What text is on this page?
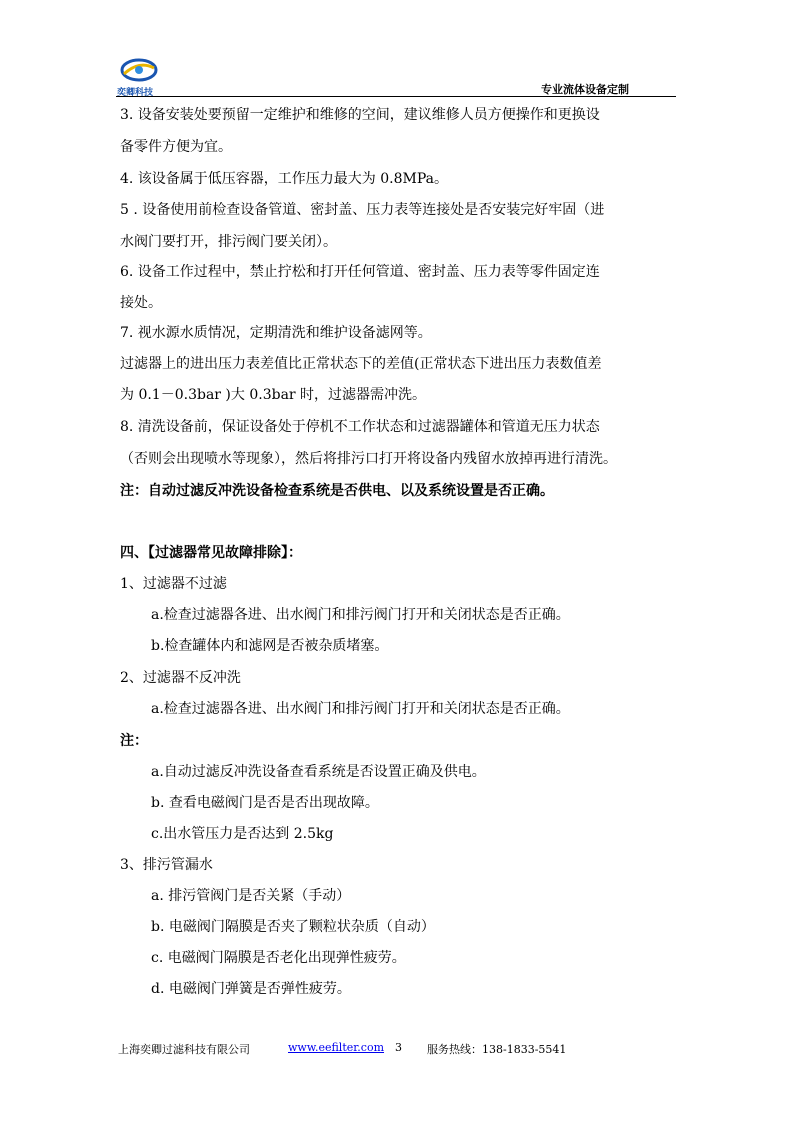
奕卿科技	专业流体设备定制
3. 设备安装处要预留一定维护和维修的空间，建议维修人员方便操作和更换设
备零件方便为宜。
4. 该设备属于低压容器，工作压力最大为 0.8MPa。
5 . 设备使用前检查设备管道、密封盖、压力表等连接处是否安装完好牢固（进
水阀门要打开，排污阀门要关闭）。
6. 设备工作过程中，禁止拧松和打开任何管道、密封盖、压力表等零件固定连
接处。
7. 视水源水质情况，定期清洗和维护设备滤网等。
过滤器上的进出压力表差值比正常状态下的差值(正常状态下进出压力表数值差
为 0.1－0.3bar )大 0.3bar 时，过滤器需冲洗。
8. 清洗设备前，保证设备处于停机不工作状态和过滤器罐体和管道无压力状态
（否则会出现喷水等现象），然后将排污口打开将设备内残留水放掉再进行清洗。
注：自动过滤反冲洗设备检查系统是否供电、以及系统设置是否正确。
四、【过滤器常见故障排除】：
1、过滤器不过滤
a.检查过滤器各进、出水阀门和排污阀门打开和关闭状态是否正确。
b.检查罐体内和滤网是否被杂质堵塞。
2、过滤器不反冲洗
a.检查过滤器各进、出水阀门和排污阀门打开和关闭状态是否正确。
注：
a.自动过滤反冲洗设备查看系统是否设置正确及供电。
b. 查看电磁阀门是否是否出现故障。
c.出水管压力是否达到 2.5kg
3、排污管漏水
a. 排污管阀门是否关紧（手动）
b. 电磁阀门隔膜是否夹了颗粒状杂质（自动）
c. 电磁阀门隔膜是否老化出现弹性疲劳。
d. 电磁阀门弹簧是否弹性疲劳。
上海奕卿过滤科技有限公司	www.eefilter.com 3 服务热线：138-1833-5541
